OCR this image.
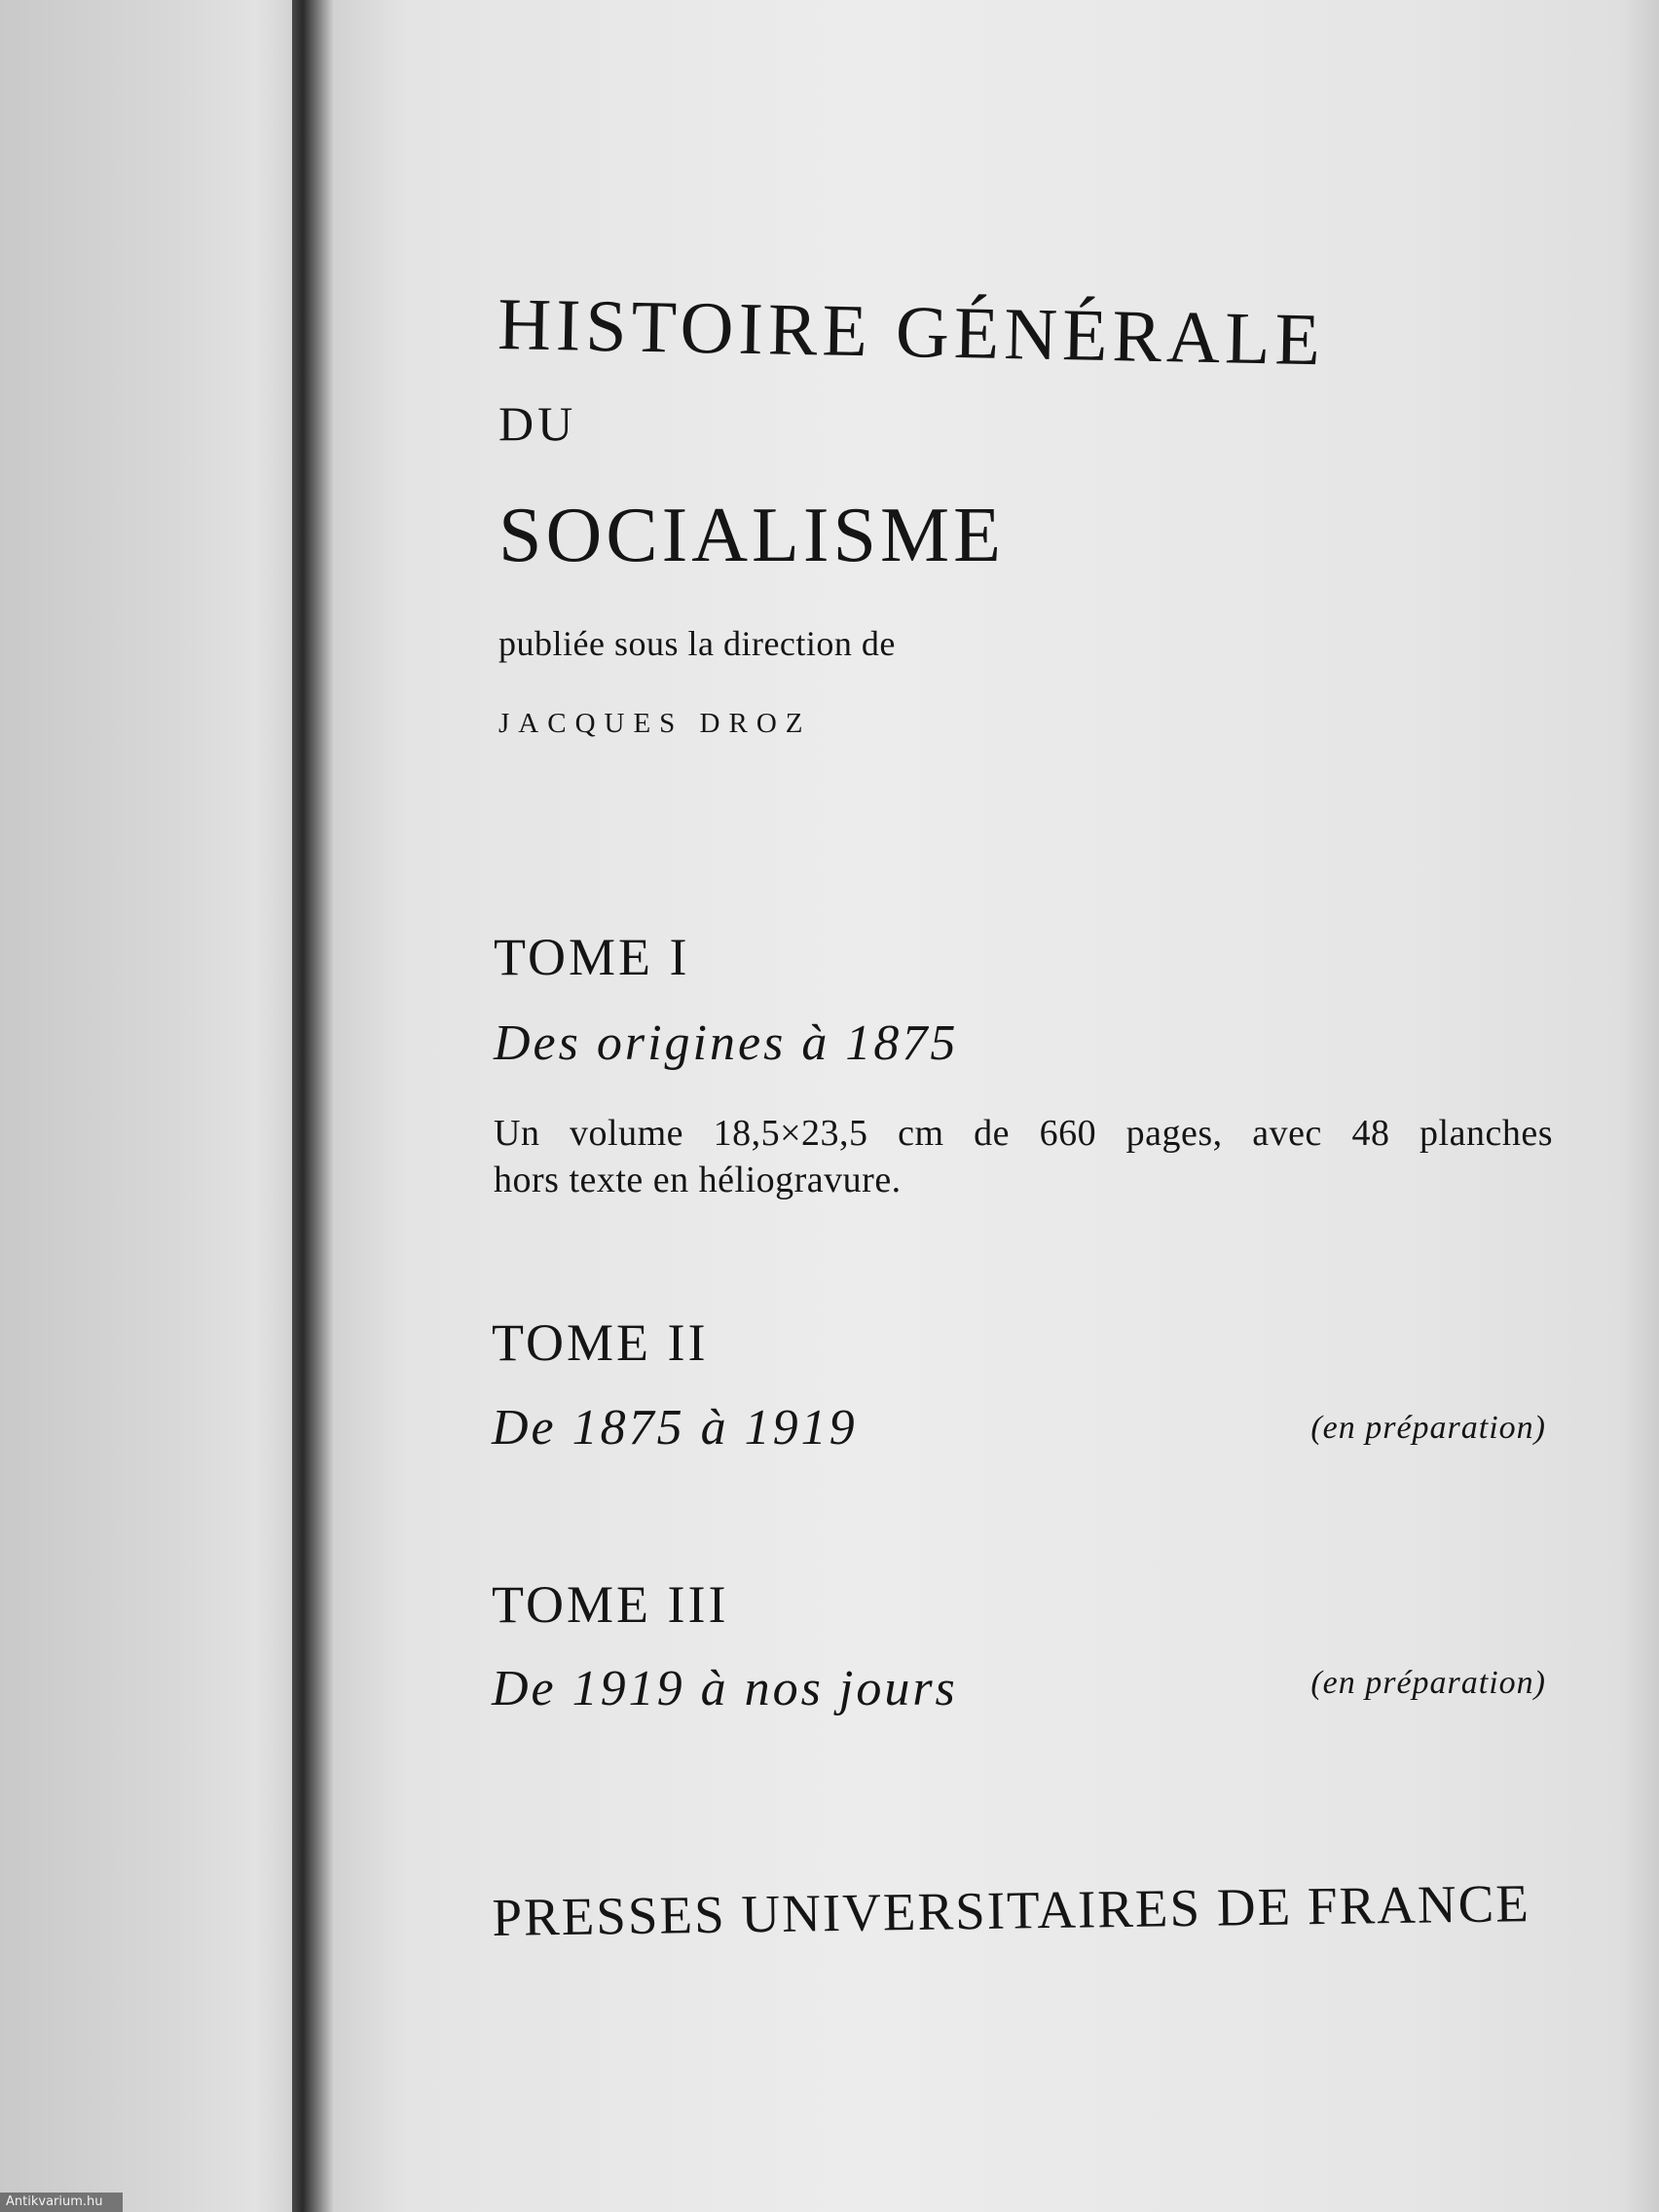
HISTOIRE GÉNÉRALE
DU
SOCIALISME
publiée sous la direction de
JACQUES DROZ
TOME I
Des origines à 1875
Un volume 18,5×23,5 cm de 660 pages, avec 48 planches
hors texte en héliogravure.
TOME II
De 1875 à 1919	(en préparation)
TOME III
De 1919 à nos jours	(en préparation)
PRESSES UNIVERSITAIRES DE FRANCE
Antikvarium.hu
